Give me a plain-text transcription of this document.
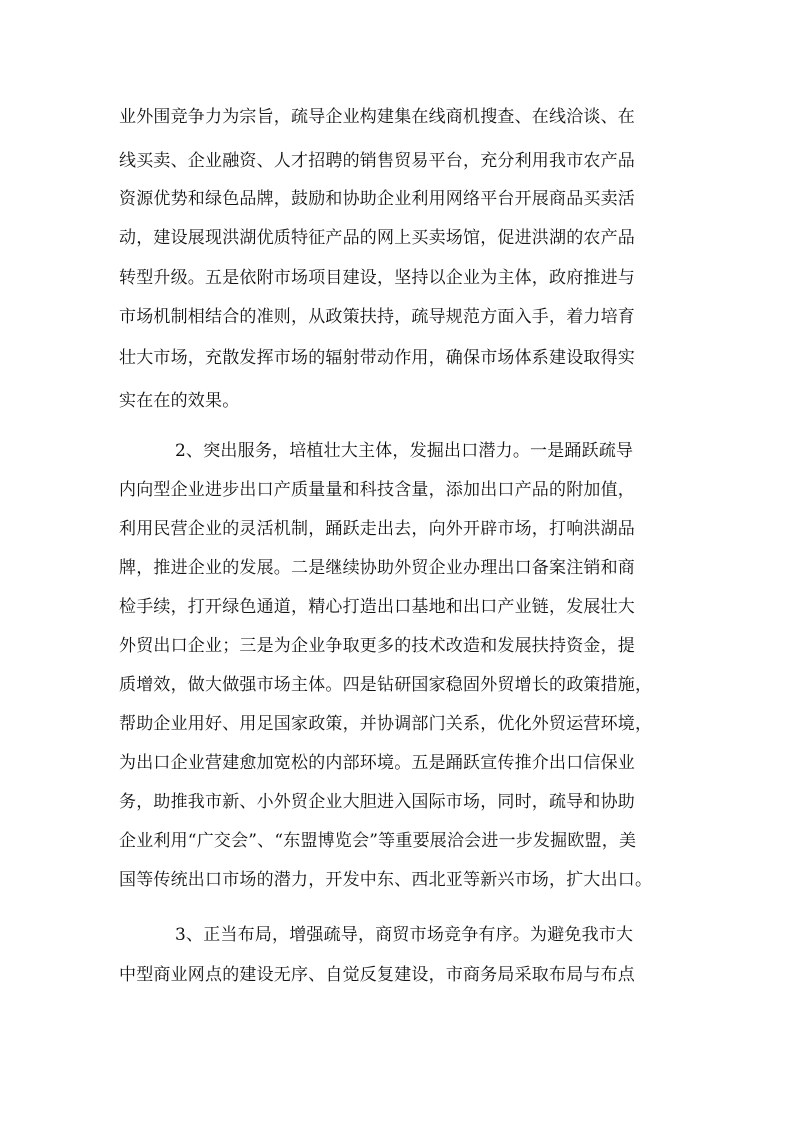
业外围竞争力为宗旨，疏导企业构建集在线商机搜查、在线洽谈、在
线买卖、企业融资、人才招聘的销售贸易平台，充分利用我市农产品
资源优势和绿色品牌，鼓励和协助企业利用网络平台开展商品买卖活
动，建设展现洪湖优质特征产品的网上买卖场馆，促进洪湖的农产品
转型升级。五是依附市场项目建设，坚持以企业为主体，政府推进与
市场机制相结合的准则，从政策扶持，疏导规范方面入手，着力培育
壮大市场，充散发挥市场的辐射带动作用，确保市场体系建设取得实
实在在的效果。
2、突出服务，培植壮大主体，发掘出口潜力。一是踊跃疏导
内向型企业进步出口产质量量和科技含量，添加出口产品的附加值，
利用民营企业的灵活机制，踊跃走出去，向外开辟市场，打响洪湖品
牌，推进企业的发展。二是继续协助外贸企业办理出口备案注销和商
检手续，打开绿色通道，精心打造出口基地和出口产业链，发展壮大
外贸出口企业；三是为企业争取更多的技术改造和发展扶持资金，提
质增效，做大做强市场主体。四是钻研国家稳固外贸增长的政策措施，
帮助企业用好、用足国家政策，并协调部门关系，优化外贸运营环境，
为出口企业营建愈加宽松的内部环境。五是踊跃宣传推介出口信保业
务，助推我市新、小外贸企业大胆进入国际市场，同时，疏导和协助
企业利用“广交会”、“东盟博览会”等重要展洽会进一步发掘欧盟，美
国等传统出口市场的潜力，开发中东、西北亚等新兴市场，扩大出口。
3、正当布局，增强疏导，商贸市场竞争有序。为避免我市大
中型商业网点的建设无序、自觉反复建设，市商务局采取布局与布点
